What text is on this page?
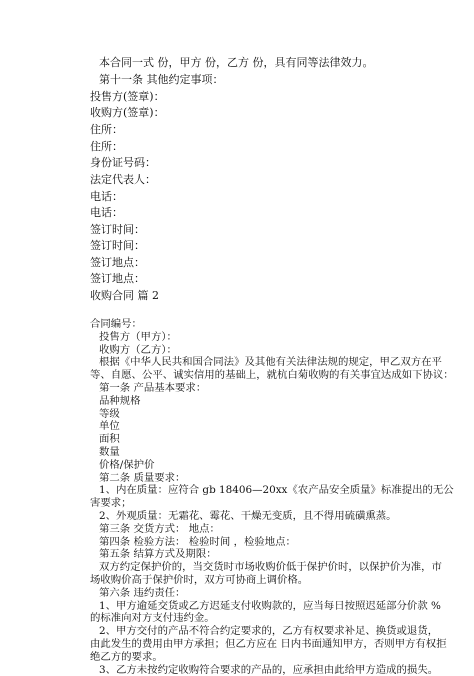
本合同一式 份，甲方 份，乙方 份，具有同等法律效力。
第十一条 其他约定事项：
投售方(签章)：
收购方(签章)：
住所：
住所：
身份证号码：
法定代表人：
电话：
电话：
签订时间：
签订时间：
签订地点：
签订地点：
收购合同 篇 2
合同编号：
投售方（甲方）：
收购方（乙方）：
根据《中华人民共和国合同法》及其他有关法律法规的规定，甲乙双方在平
等、自愿、公平、诚实信用的基础上，就杭白菊收购的有关事宜达成如下协议：
第一条 产品基本要求：
品种规格
等级
单位
面积
数量
价格/保护价
第二条 质量要求：
1、内在质量：应符合 gb 18406—20xx《农产品安全质量》标准提出的无公
害要求；
2、外观质量：无霜花、霉花、干燥无变质，且不得用硫磺熏蒸。
第三条 交货方式： 地点：
第四条 检验方法： 检验时间 ，检验地点：
第五条 结算方式及期限：
双方约定保护价的，当交货时市场收购价低于保护价时，以保护价为准，市
场收购价高于保护价时，双方可协商上调价格。
第六条 违约责任：
1、甲方逾延交货或乙方迟延支付收购款的，应当每日按照迟延部分价款 %
的标准向对方支付违约金。
2、甲方交付的产品不符合约定要求的，乙方有权要求补足、换货或退货，
由此发生的费用由甲方承担；但乙方应在 日内书面通知甲方，否则甲方有权拒
绝乙方的要求。
3、乙方未按约定收购符合要求的产品的，应承担由此给甲方造成的损失。
